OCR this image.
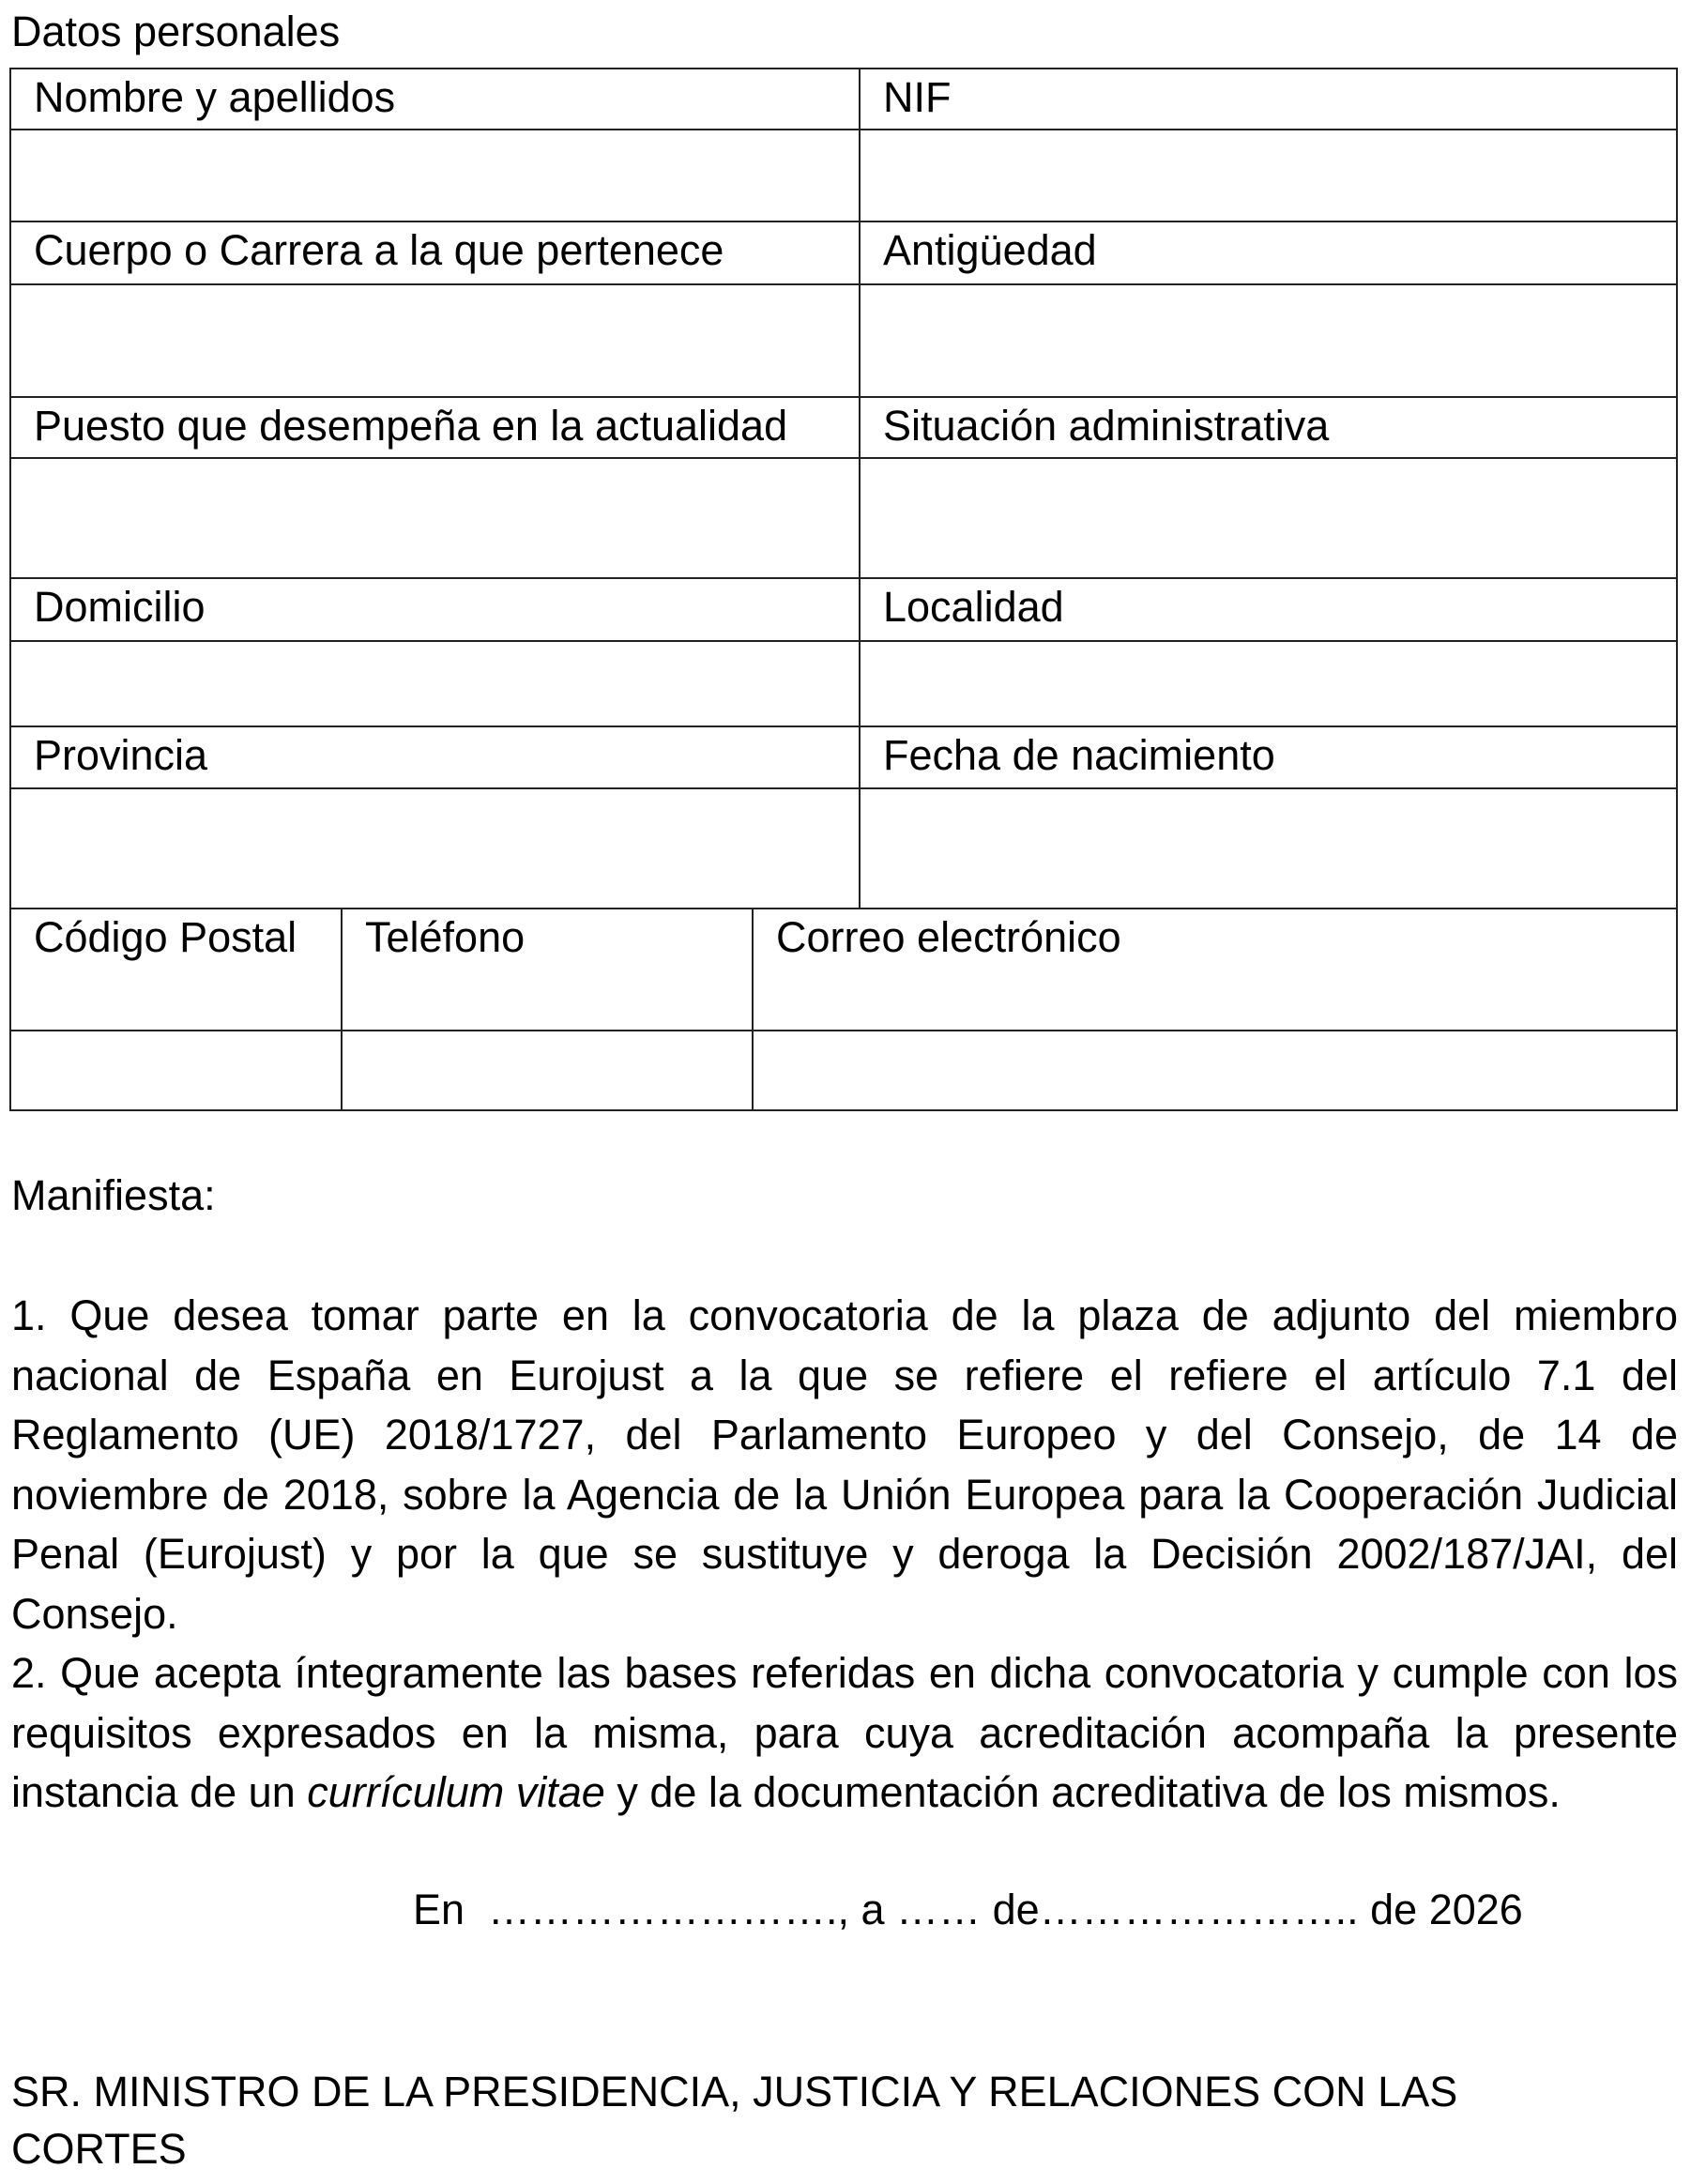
Datos personales
Nombre y apellidos	NIF

Cuerpo o Carrera a la que pertenece	Antigüedad

Puesto que desempeña en la actualidad	Situación administrativa

Domicilio	Localidad

Provincia	Fecha de nacimiento

Código Postal	Teléfono	Correo electrónico

Manifiesta:
1. Que desea tomar parte en la convocatoria de la plaza de adjunto del miembro nacional de España en Eurojust a la que se refiere el refiere el artículo 7.1 del Reglamento (UE) 2018/1727, del Parlamento Europeo y del Consejo, de 14 de noviembre de 2018, sobre la Agencia de la Unión Europea para la Cooperación Judicial Penal (Eurojust) y por la que se sustituye y deroga la Decisión 2002/187/JAI, del Consejo.
2. Que acepta íntegramente las bases referidas en dicha convocatoria y cumple con los requisitos expresados en la misma, para cuya acreditación acompaña la presente instancia de un currículum vitae y de la documentación acreditativa de los mismos.
En  ……………………., a …… de………………….. de 2026
SR. MINISTRO DE LA PRESIDENCIA, JUSTICIA Y RELACIONES CON LAS CORTES
